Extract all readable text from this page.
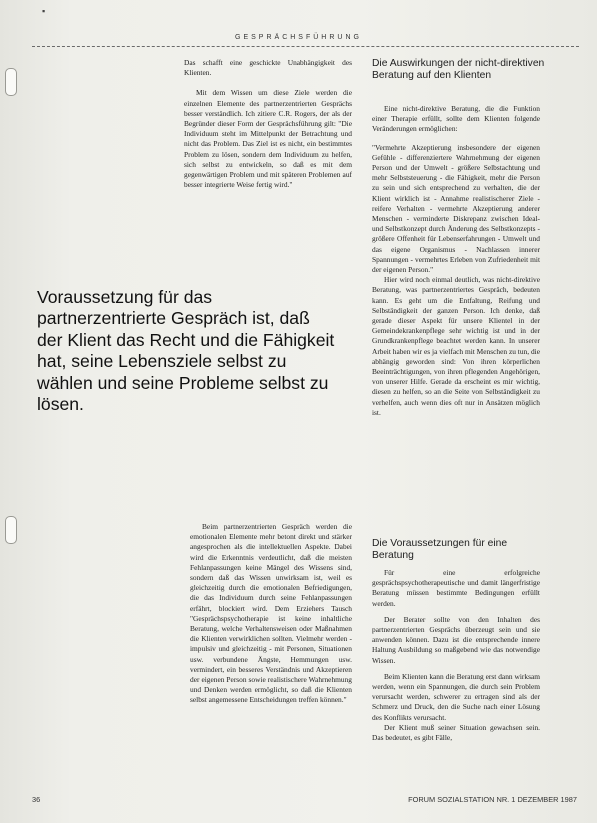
▪
GESPRÄCHSFÜHRUNG

Das schafft eine geschickte Unabhängigkeit des Klienten.

Mit dem Wissen um diese Ziele werden die einzelnen Elemente des partnerzentrierten Gesprächs besser verständlich. Ich zitiere C.R. Rogers, der als der Begründer dieser Form der Gesprächsführung gilt: "Die Individuum steht im Mittelpunkt der Betrachtung und nicht das Problem. Das Ziel ist es nicht, ein bestimmtes Problem zu lösen, sondern dem Individuum zu helfen, sich selbst zu entwickeln, so daß es mit dem gegenwärtigen Problem und mit späteren Problemen auf besser integrierte Weise fertig wird."

Voraussetzung für das partnerzentrierte Gespräch ist, daß der Klient das Recht und die Fähigkeit hat, seine Lebensziele selbst zu wählen und seine Probleme selbst zu lösen.

Beim partnerzentrierten Gespräch werden die emotionalen Elemente mehr betont direkt und stärker angesprochen als die intellektuellen Aspekte. Dabei wird die Erkenntnis verdeutlicht, daß die meisten Fehlanpassungen keine Mängel des Wissens sind, sondern daß das Wissen unwirksam ist, weil es gleichzeitig durch die emotionalen Befriedigungen, die das Individuum durch seine Fehlanpassungen erfährt, blockiert wird. Dem Erziehers Tausch "Gesprächspsychotherapie ist keine inhaltliche Beratung, welche Verhaltensweisen oder Maßnahmen die Klienten verwirklichen sollten. Vielmehr werden - impulsiv und gleichzeitig - mit Personen, Situationen usw. verbundene Ängste, Hemmungen usw. vermindert, ein besseres Verständnis und Akzeptieren der eigenen Person sowie realistischere Wahrnehmung und Denken werden ermöglicht, so daß die Klienten selbst angemessene Entscheidungen treffen können."

Die Auswirkungen der nicht-direktiven Beratung auf den Klienten

Eine nicht-direktive Beratung, die die Funktion einer Therapie erfüllt, sollte dem Klienten folgende Veränderungen ermöglichen:

"Vermehrte Akzeptierung insbesondere der eigenen Gefühle - differenziertere Wahrnehmung der eigenen Person und der Umwelt - größere Selbstachtung und mehr Selbststeuerung - die Fähigkeit, mehr die Person zu sein und sich entsprechend zu verhalten, die der Klient wirklich ist - Annahme realistischerer Ziele - reifere Verhalten - vermehrte Akzeptierung anderer Menschen - verminderte Diskrepanz zwischen Ideal- und Selbstkonzept durch Änderung des Selbstkonzepts - größere Offenheit für Lebenserfahrungen - Umwelt und das eigene Organismus - Nachlassen innerer Spannungen - vermehrtes Erleben von Zufriedenheit mit der eigenen Person."

Hier wird noch einmal deutlich, was nicht-direktive Beratung, was partnerzentriertes Gespräch, bedeuten kann. Es geht um die Entfaltung, Reifung und Selbständigkeit der ganzen Person. Ich denke, daß gerade dieser Aspekt für unsere Klientel in der Gemeindekrankenpflege sehr wichtig ist und in der Grundkrankenpflege beachtet werden kann. In unserer Arbeit haben wir es ja vielfach mit Menschen zu tun, die abhängig geworden sind: Von ihren körperlichen Beeinträchtigungen, von ihren pflegenden Angehörigen, von unserer Hilfe. Gerade da erscheint es mir wichtig, diesen zu helfen, so an die Seite von Selbständigkeit zu verhelfen, auch wenn dies oft nur in Ansätzen möglich ist.

Die Voraussetzungen für eine Beratung

Für eine erfolgreiche gesprächspsychotherapeutische und damit längerfristige Beratung müssen bestimmte Bedingungen erfüllt werden.

Der Berater sollte von den Inhalten des partnerzentrierten Gesprächs überzeugt sein und sie anwenden können. Dazu ist die entsprechende innere Haltung Ausbildung so maßgebend wie das notwendige Wissen.

Beim Klienten kann die Beratung erst dann wirksam werden, wenn ein Spannungen, die durch sein Problem verursacht werden, schwerer zu ertragen sind als der Schmerz und Druck, den die Suche nach einer Lösung des Konflikts verursacht.

Der Klient muß seiner Situation gewachsen sein. Das bedeutet, es gibt Fälle,

36	FORUM SOZIALSTATION NR. 1 DEZEMBER 1987
